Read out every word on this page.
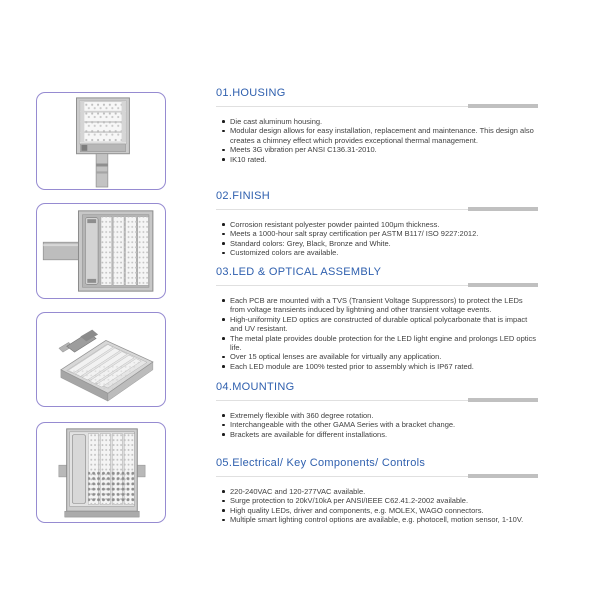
01.HOUSING
Die cast aluminum housing.
Modular design allows for easy installation, replacement and maintenance. This design also creates a chimney effect which provides exceptional thermal management.
Meets 3G vibration per ANSI C136.31-2010.
IK10 rated.
02.FINISH
Corrosion resistant polyester powder painted 100μm thickness.
Meets a 1000-hour salt spray certification per ASTM B117/ ISO 9227:2012.
Standard colors: Grey, Black, Bronze and White.
Customized colors are available.
03.LED & OPTICAL ASSEMBLY
Each PCB are mounted with a TVS (Transient Voltage Suppressors) to protect the LEDs from voltage transients induced by lightning and other transient voltage events.
High-uniformity LED optics are constructed of durable optical polycarbonate that is impact and UV resistant.
The metal plate provides double protection for the LED light engine and prolongs LED optics life.
Over 15 optical lenses are available for virtually any application.
Each LED module are 100% tested prior to assembly which is IP67 rated.
04.MOUNTING
Extremely flexible with 360 degree rotation.
Interchangeable with the other GAMA Series with a bracket change.
Brackets are available for different installations.
05.Electrical/ Key Components/ Controls
220-240VAC and 120-277VAC available.
Surge protection to 20kV/10kA per ANSI/IEEE C62.41.2-2002 available.
High quality LEDs, driver and components, e.g. MOLEX, WAGO connectors.
Multiple smart lighting control options are available, e.g. photocell, motion sensor, 1-10V.
